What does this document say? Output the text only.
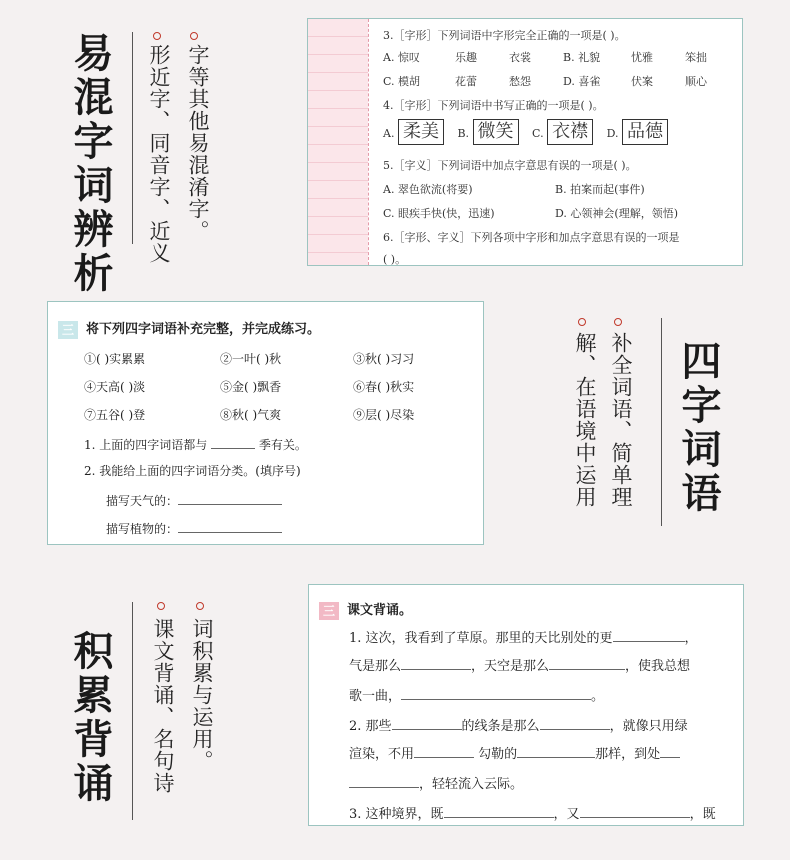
易混字词辨析 形近字、同音字、近义 字等其他易混淆字。
3.［字形］下列词语中字形完全正确的一项是( )。
A. 惊叹	乐趣	衣裳	B. 礼貌	忧雅	笨拙
C. 模胡	花蕾	愁怨	D. 喜雀	伏案	顺心
4.［字形］下列词语中书写正确的一项是( )。
A. 柔美 B. 微笑 C. 衣襟 D. 品德
5.［字义］下列词语中加点字意思有误的一项是( )。
A. 翠色欲流(将要)	B. 拍案而起(事件)
C. 眼疾手快(快，迅速)	D. 心领神会(理解，领悟)
6.［字形、字义］下列各项中字形和加点字意思有误的一项是
( )。
三 将下列四字词语补充完整，并完成练习。
①( )实累累	②一叶( )秋	③秋( )习习
④天高( )淡	⑤金( )飘香	⑥春( )秋实
⑦五谷( )登	⑧秋( )气爽	⑨层( )尽染
1. 上面的四字词语都与	季有关。
2. 我能给上面的四字词语分类。(填序号)
描写天气的：
描写植物的：
解、在语境中运用 补全词语、简单理 四字词语
积累背诵 课文背诵、名句诗 词积累与运用。
三 课文背诵。
1. 这次，我看到了草原。那里的天比别处的更	，
气是那么	，天空是那么	，使我总想
歌一曲，	。
2. 那些	的线条是那么	，就像只用绿
渲染，不用	勾勒的	那样，到处
，轻轻流入云际。
3. 这种境界，既	，又	，既
